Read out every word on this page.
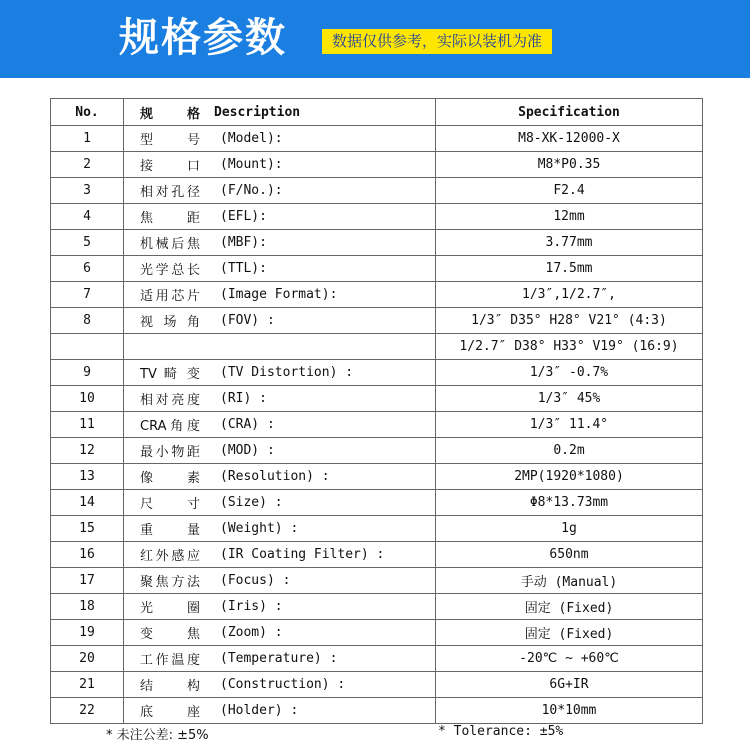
规格参数	数据仅供参考，实际以装机为准
No.	规 格 Description	Specification
1	型 号 (Model):	M8-XK-12000-X
2	接 口 (Mount):	M8*P0.35
3	相对孔径 (F/No.):	F2.4
4	焦 距 (EFL):	12mm
5	机械后焦 (MBF):	3.77mm
6	光学总长 (TTL):	17.5mm
7	适用芯片 (Image Format):	1/3″,1/2.7″,
8	视 场 角 (FOV) :	1/3″ D35° H28° V21° (4:3)
		1/2.7″ D38° H33° V19° (16:9)
9	TV 畸 变 (TV Distortion) :	1/3″ -0.7%
10	相对亮度 (RI) :	1/3″ 45%
11	CRA角度 (CRA) :	1/3″ 11.4°
12	最小物距 (MOD) :	0.2m
13	像 素 (Resolution) :	2MP(1920*1080)
14	尺 寸 (Size) :	Φ8*13.73mm
15	重 量 (Weight) :	1g
16	红外感应 (IR Coating Filter) :	650nm
17	聚焦方法 (Focus) :	手动 (Manual)
18	光 圈 (Iris) :	固定 (Fixed)
19	变 焦 (Zoom) :	固定 (Fixed)
20	工作温度 (Temperature) :	-20℃ ~ +60℃
21	结 构 (Construction) :	6G+IR
22	底 座 (Holder) :	10*10mm
* 未注公差: ±5%	* Tolerance: ±5%
